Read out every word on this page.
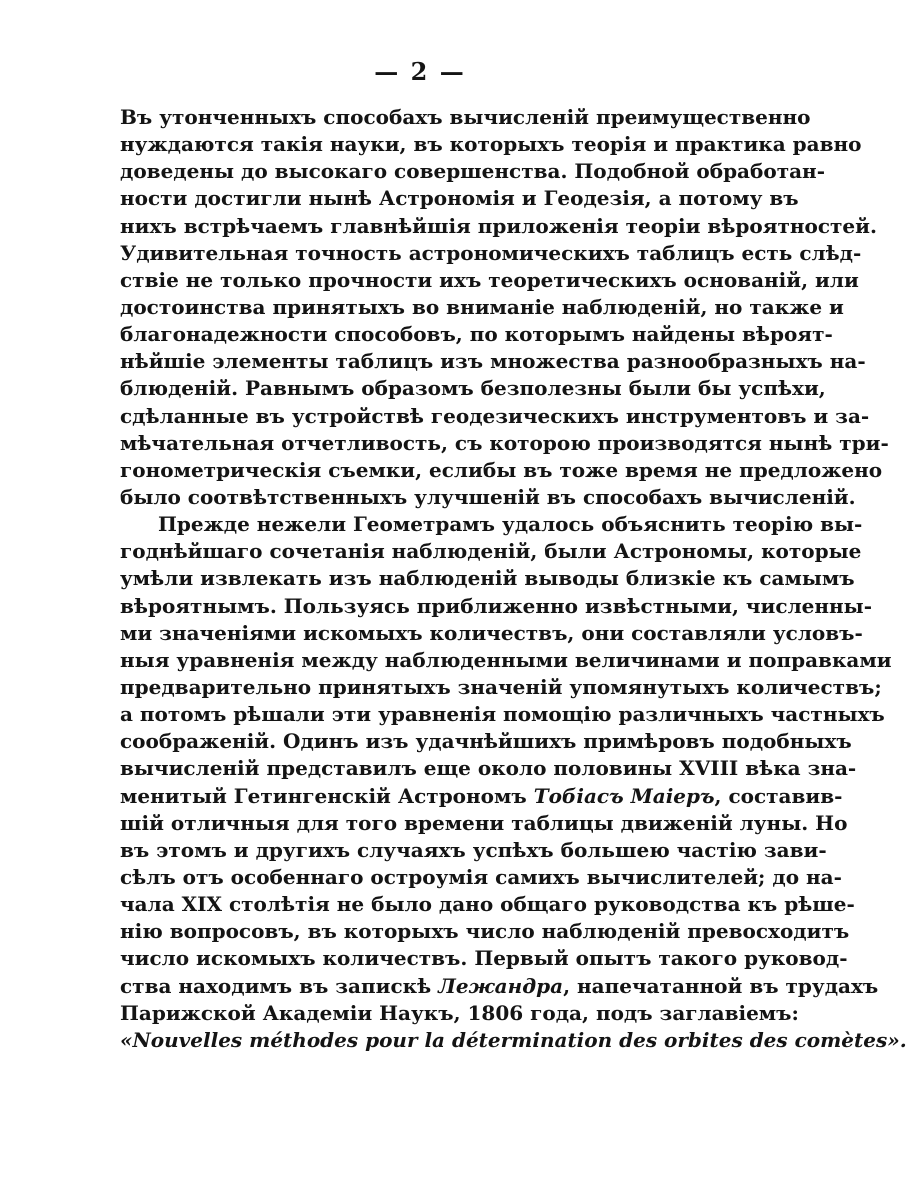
— 2 —
Въ утонченныхъ способахъ вычисленій преимущественно
нуждаются такія науки, въ которыхъ теорія и практика равно
доведены до высокаго совершенства. Подобной обработан-
ности достигли нынѣ Астрономія и Геодезія, а потому въ
нихъ встрѣчаемъ главнѣйшія приложенія теоріи вѣроятностей.
Удивительная точность астрономическихъ таблицъ есть слѣд-
ствіе не только прочности ихъ теоретическихъ основаній, или
достоинства принятыхъ во вниманіе наблюденій, но также и
благонадежности способовъ, по которымъ найдены вѣроят-
нѣйшіе элементы таблицъ изъ множества разнообразныхъ на-
блюденій. Равнымъ образомъ безполезны были бы успѣхи,
сдѣланные въ устройствѣ геодезическихъ инструментовъ и за-
мѣчательная отчетливость, съ которою производятся нынѣ три-
гонометрическія съемки, еслибы въ тоже время не предложено
было соотвѣтственныхъ улучшеній въ способахъ вычисленій.
Прежде нежели Геометрамъ удалось объяснить теорію вы-
годнѣйшаго сочетанія наблюденій, были Астрономы, которые
умѣли извлекать изъ наблюденій выводы близкіе къ самымъ
вѣроятнымъ. Пользуясь приближенно извѣстными, численны-
ми значеніями искомыхъ количествъ, они составляли условъ-
ныя уравненія между наблюденными величинами и поправками
предварительно принятыхъ значеній упомянутыхъ количествъ;
а потомъ рѣшали эти уравненія помощію различныхъ частныхъ
соображеній. Одинъ изъ удачнѣйшихъ примѣровъ подобныхъ
вычисленій представилъ еще около половины XVIII вѣка зна-
менитый Гетингенскій Астрономъ Тобіасъ Маіеръ, составив-
шій отличныя для того времени таблицы движеній луны. Но
въ этомъ и другихъ случаяхъ успѣхъ большею частію зави-
сѣлъ отъ особеннаго остроумія самихъ вычислителей; до на-
чала XIX столѣтія не было дано общаго руководства къ рѣше-
нію вопросовъ, въ которыхъ число наблюденій превосходитъ
число искомыхъ количествъ. Первый опытъ такого руковод-
ства находимъ въ запискѣ Лежандра, напечатанной въ трудахъ
Парижской Академіи Наукъ, 1806 года, подъ заглавіемъ:
«Nouvelles méthodes pour la détermination des orbites des comètes».
